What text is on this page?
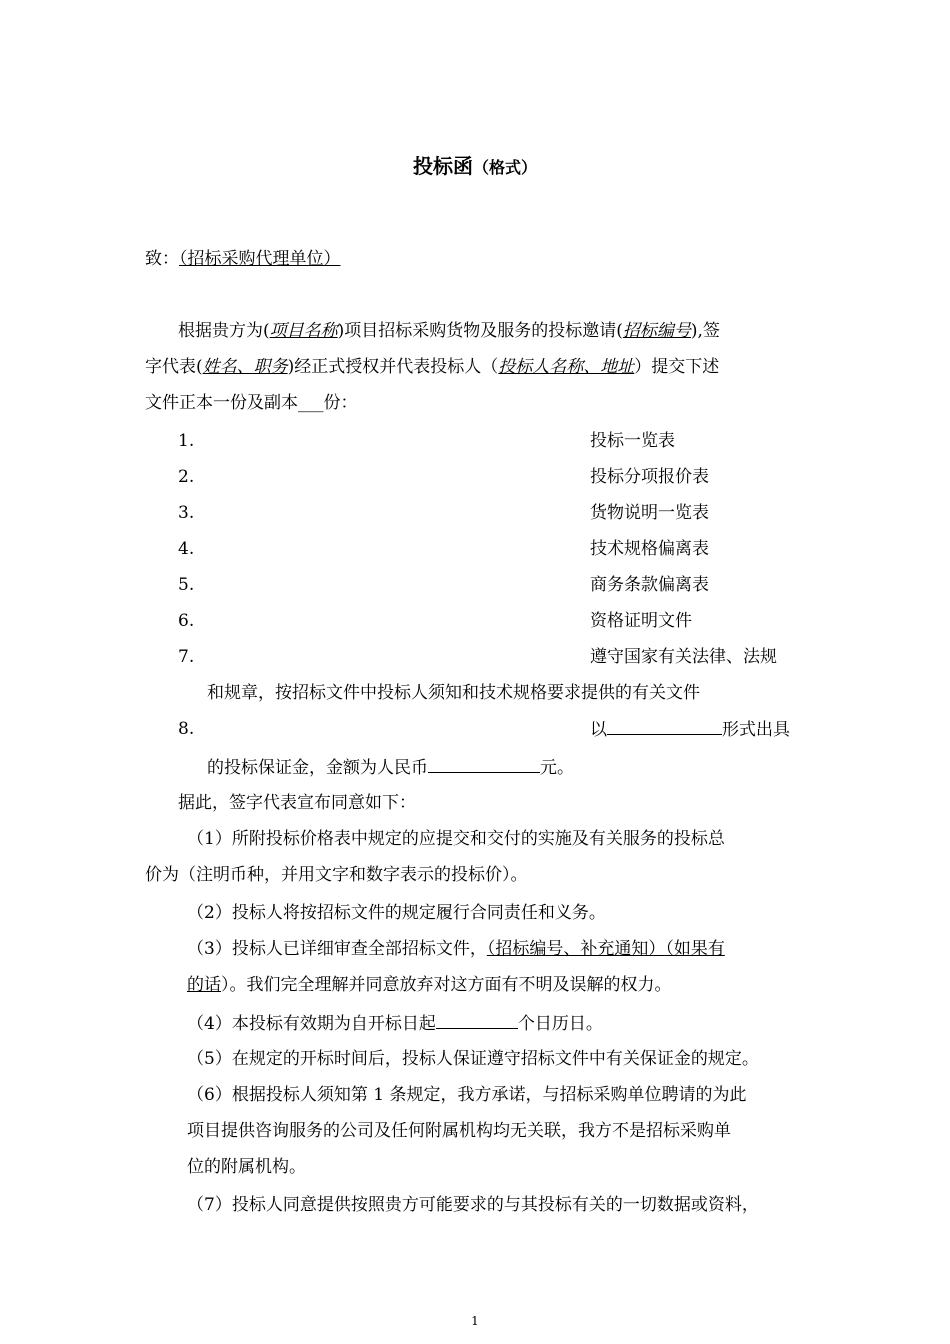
投标函（格式）
致：（招标采购代理单位）
根据贵方为(项目名称)项目招标采购货物及服务的投标邀请(招标编号),签
字代表(姓名、职务)经正式授权并代表投标人（投标人名称、地址）提交下述
文件正本一份及副本___份：
1.	投标一览表
2.	投标分项报价表
3.	货物说明一览表
4.	技术规格偏离表
5.	商务条款偏离表
6.	资格证明文件
7.	遵守国家有关法律、法规
和规章，按招标文件中投标人须知和技术规格要求提供的有关文件
8.	以	形式出具
的投标保证金，金额为人民币	元。
据此，签字代表宣布同意如下：
（1）所附投标价格表中规定的应提交和交付的实施及有关服务的投标总
价为（注明币种，并用文字和数字表示的投标价）。
（2）投标人将按招标文件的规定履行合同责任和义务。
（3）投标人已详细审查全部招标文件，（招标编号、补充通知）（如果有
的话）。我们完全理解并同意放弃对这方面有不明及误解的权力。
（4）本投标有效期为自开标日起	个日历日。
（5）在规定的开标时间后，投标人保证遵守招标文件中有关保证金的规定。
（6）根据投标人须知第 1 条规定，我方承诺，与招标采购单位聘请的为此
项目提供咨询服务的公司及任何附属机构均无关联，我方不是招标采购单
位的附属机构。
（7）投标人同意提供按照贵方可能要求的与其投标有关的一切数据或资料，
1
